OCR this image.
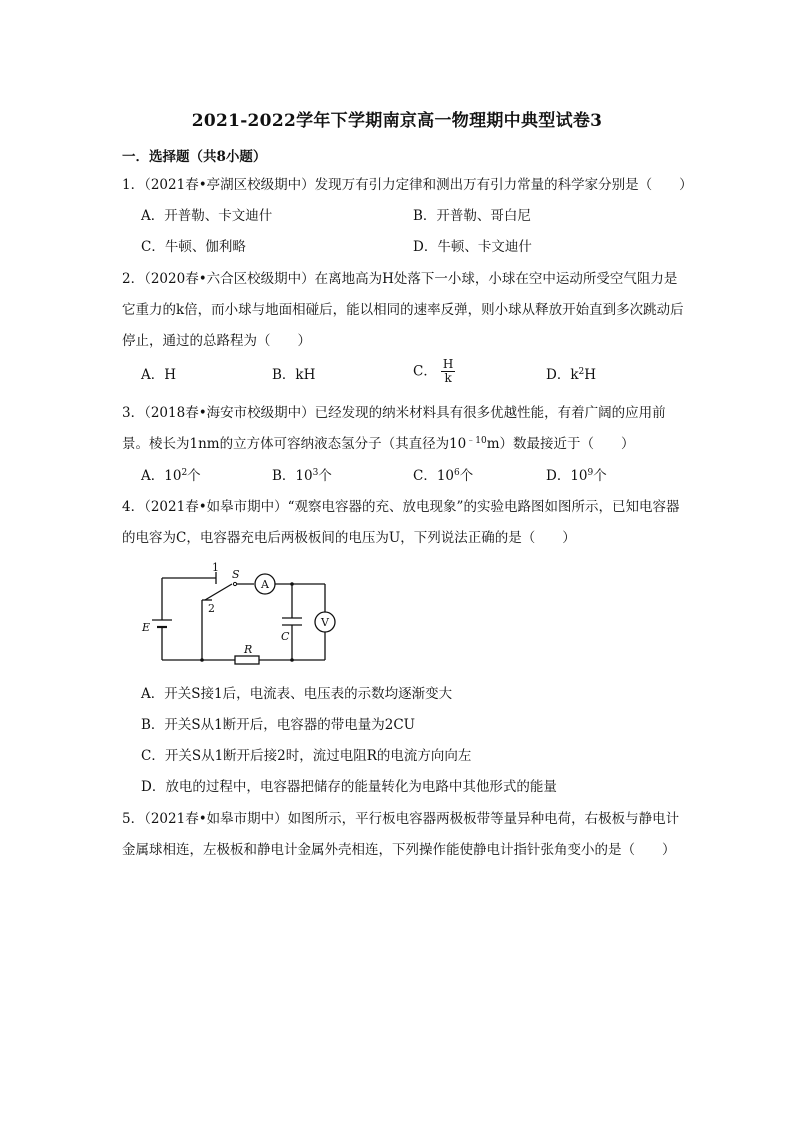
2021-2022学年下学期南京高一物理期中典型试卷3
一．选择题（共8小题）
1．（2021春•亭湖区校级期中）发现万有引力定律和测出万有引力常量的科学家分别是（　　）
A．开普勒、卡文迪什	B．开普勒、哥白尼
C．牛顿、伽利略	D．牛顿、卡文迪什
2．（2020春•六合区校级期中）在离地高为H处落下一小球，小球在空中运动所受空气阻力是它重力的k倍，而小球与地面相碰后，能以相同的速率反弹，则小球从释放开始直到多次跳动后停止，通过的总路程为（　　）
A．H	B．kH	C． $\frac{H}{k}$	D．$k^2H$
3．（2018春•海安市校级期中）已经发现的纳米材料具有很多优越性能，有着广阔的应用前景。棱长为1nm的立方体可容纳液态氢分子（其直径为$10^{﹣10}m$）数最接近于（　　）
A．$10^2$个	B．$10^3$个	C．$10^6$个	D．$10^9$个
4．（2021春•如皋市期中）“观察电容器的充、放电现象”的实验电路图如图所示，已知电容器的电容为C，电容器充电后两极板间的电压为U，下列说法正确的是（　　）
E
1
2
S
A
V
C
R
A．开关S接1后，电流表、电压表的示数均逐渐变大
B．开关S从1断开后，电容器的带电量为2CU
C．开关S从1断开后接2时，流过电阻R的电流方向向左
D．放电的过程中，电容器把储存的能量转化为电路中其他形式的能量
5．（2021春•如皋市期中）如图所示，平行板电容器两极板带等量异种电荷，右极板与静电计金属球相连，左极板和静电计金属外壳相连，下列操作能使静电计指针张角变小的是（　　）
